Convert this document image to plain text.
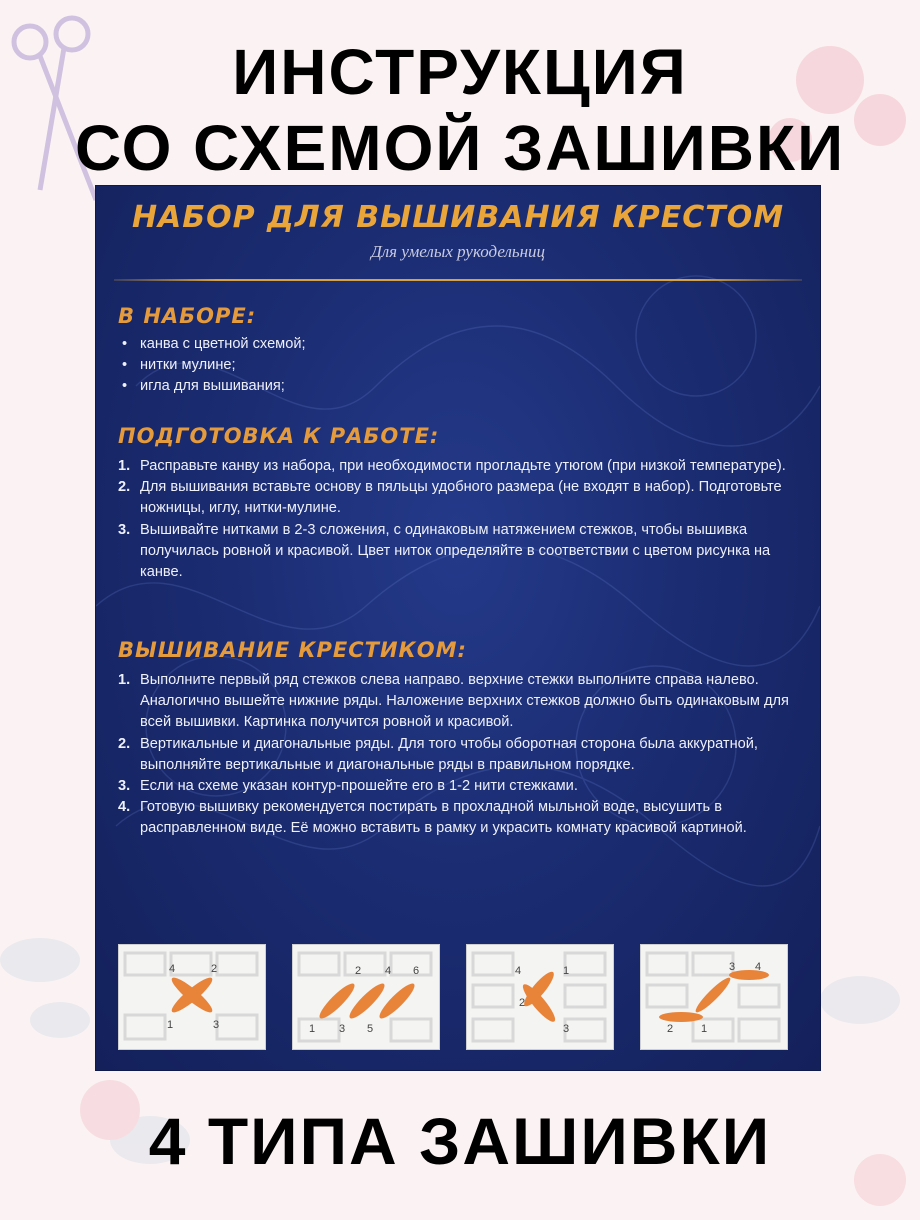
ИНСТРУКЦИЯ
СО СХЕМОЙ ЗАШИВКИ
НАБОР ДЛЯ ВЫШИВАНИЯ КРЕСТОМ
Для умелых рукодельниц
В НАБОРЕ:
• канва с цветной схемой;
• нитки мулине;
• игла для вышивания;
ПОДГОТОВКА К РАБОТЕ:
1. Расправьте канву из набора, при необходимости прогладьте утюгом (при низкой температуре).
2. Для вышивания вставьте основу в пяльцы удобного размера (не входят в набор). Подготовьте ножницы, иглу, нитки-мулине.
3. Вышивайте нитками в 2-3 сложения, с одинаковым натяжением стежков, чтобы вышивка получилась ровной и красивой. Цвет ниток определяйте в соответствии с цветом рисунка на канве.
ВЫШИВАНИЕ КРЕСТИКОМ:
1. Выполните первый ряд стежков слева направо. верхние стежки выполните справа налево. Аналогично вышейте нижние ряды. Наложение верхних стежков должно быть одинаковым для всей вышивки. Картинка получится ровной и красивой.
2. Вертикальные и диагональные ряды. Для того чтобы оборотная сторона была аккуратной, выполняйте вертикальные и диагональные ряды в правильном порядке.
3. Если на схеме указан контур-прошейте его в 1-2 нити стежками.
4. Готовую вышивку рекомендуется постирать в прохладной мыльной воде, высушить в расправленном виде. Её можно вставить в рамку и украсить комнату красивой картиной.
4	2
1	3
2 4 6
1 3 5
4	1
2
3
3 4
2	1
4 ТИПА ЗАШИВКИ
